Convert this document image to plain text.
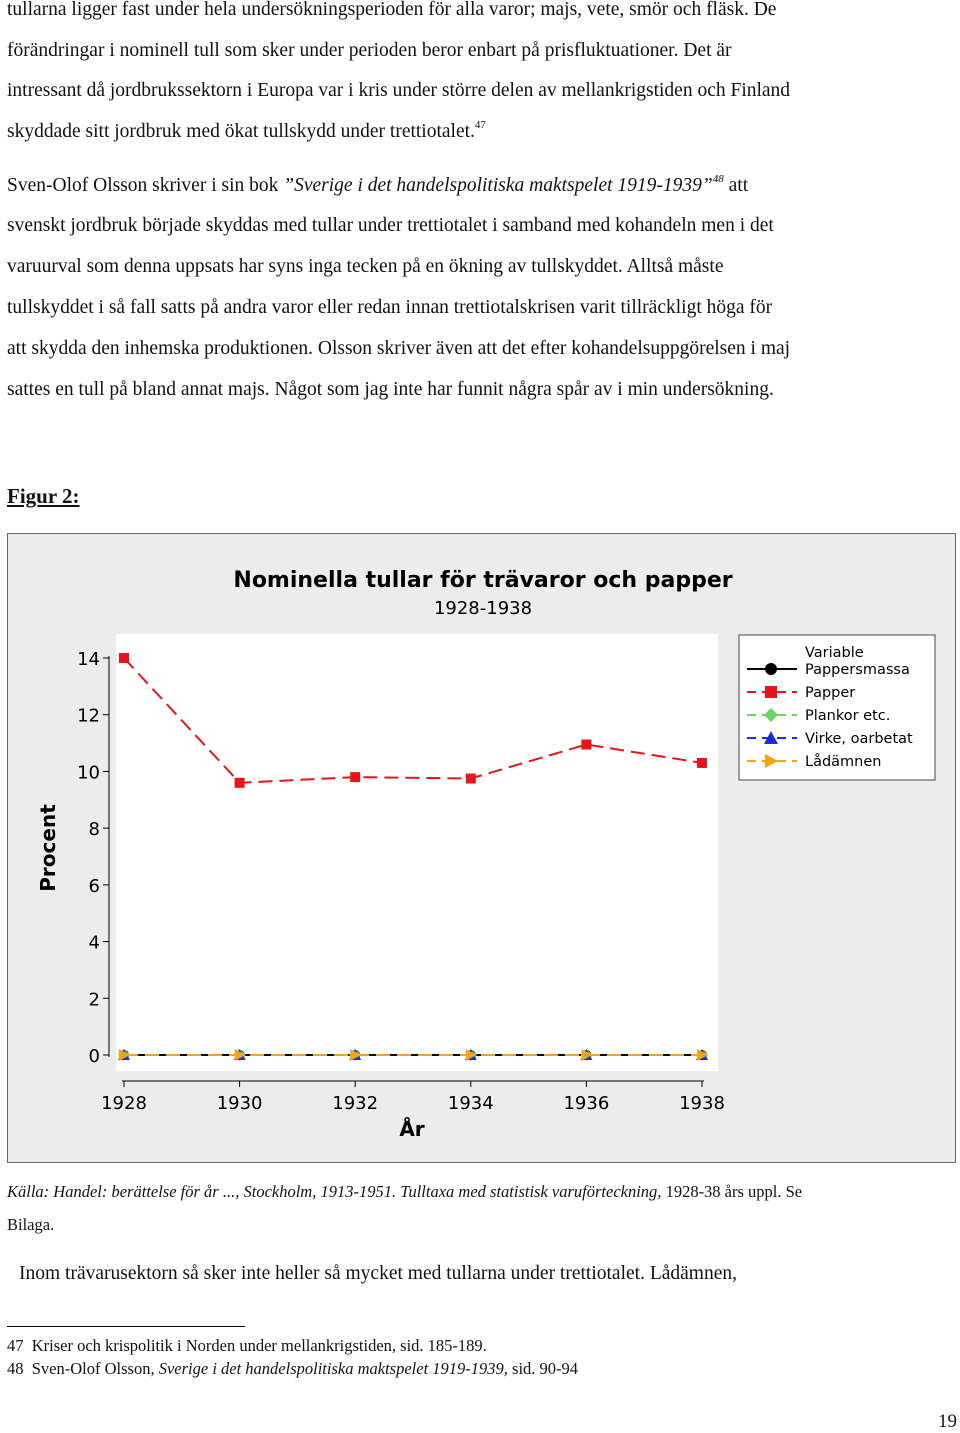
tullarna ligger fast under hela undersökningsperioden för alla varor; majs, vete, smör och fläsk. De
förändringar i nominell tull som sker under perioden beror enbart på prisfluktuationer. Det är
intressant då jordbrukssektorn i Europa var i kris under större delen av mellankrigstiden och Finland
skyddade sitt jordbruk med ökat tullskydd under trettiotalet.$^{47}$
Sven-Olof Olsson skriver i sin bok ”Sverige i det handelspolitiska maktspelet 1919-1939”$^{48}$ att
svenskt jordbruk började skyddas med tullar under trettiotalet i samband med kohandeln men i det
varuurval som denna uppsats har syns inga tecken på en ökning av tullskyddet. Alltså måste
tullskyddet i så fall satts på andra varor eller redan innan trettiotalskrisen varit tillräckligt höga för
att skydda den inhemska produktionen. Olsson skriver även att det efter kohandelsuppgörelsen i maj
sattes en tull på bland annat majs. Något som jag inte har funnit några spår av i min undersökning.
Figur 2:
Nominella tullar för trävaror och papper
1928-1938
0
2
4
6
8
10
12
14
Procent
1928	1930	1932	1934	1936	1938
År
Variable
Pappersmassa
Papper
Plankor etc.
Virke, oarbetat
Lådämnen
Källa: Handel: berättelse för år ..., Stockholm, 1913-1951. Tulltaxa med statistisk varuförteckning, 1928-38 års uppl. Se
Bilaga.
Inom trävarusektorn så sker inte heller så mycket med tullarna under trettiotalet. Lådämnen,
47 Kriser och krispolitik i Norden under mellankrigstiden, sid. 185-189.
48 Sven-Olof Olsson, Sverige i det handelspolitiska maktspelet 1919-1939, sid. 90-94
19
